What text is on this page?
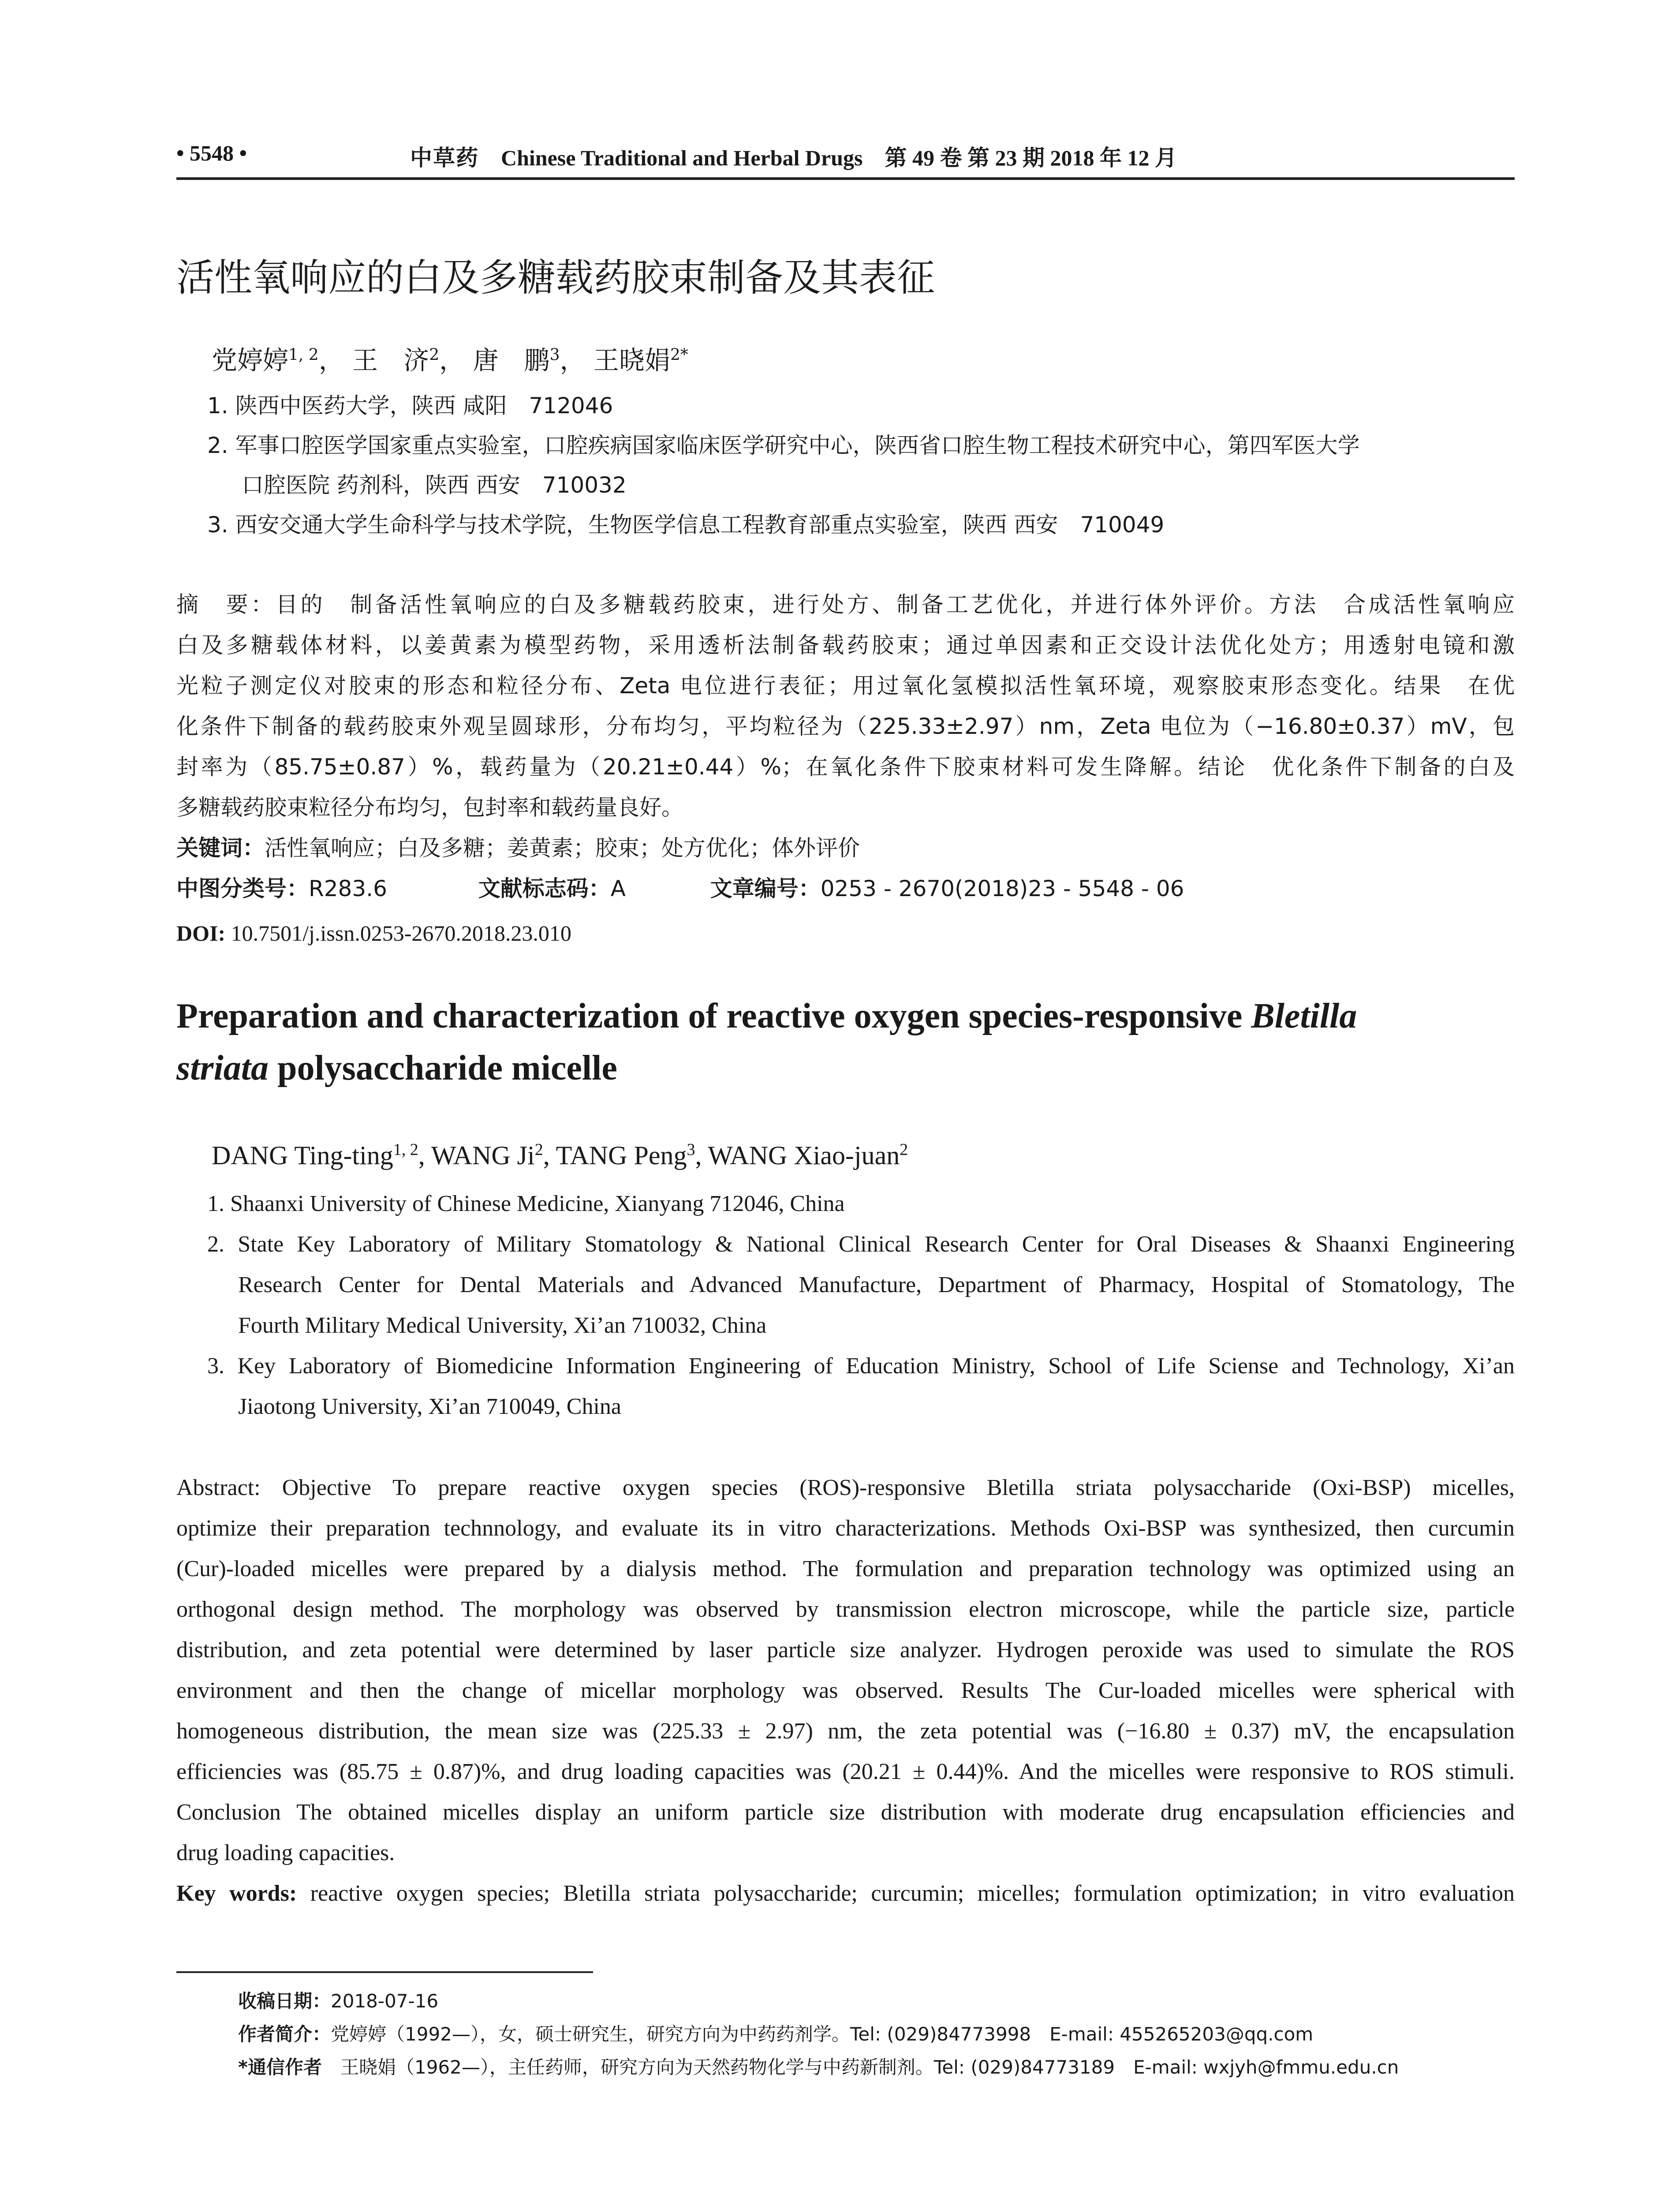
• 5548 •	中草药 Chinese Traditional and Herbal Drugs 第 49 卷 第 23 期 2018 年 12 月
活性氧响应的白及多糖载药胶束制备及其表征
党婷婷$^{1, 2}$， 王　济$^2$， 唐　鹏$^3$， 王晓娟$^{2*}$
1. 陕西中医药大学，陕西 咸阳　712046
2. 军事口腔医学国家重点实验室，口腔疾病国家临床医学研究中心，陕西省口腔生物工程技术研究中心，第四军医大学
口腔医院 药剂科，陕西 西安　710032
3. 西安交通大学生命科学与技术学院，生物医学信息工程教育部重点实验室，陕西 西安　710049
摘　要：目的　制备活性氧响应的白及多糖载药胶束，进行处方、制备工艺优化，并进行体外评价。方法　合成活性氧响应
白及多糖载体材料，以姜黄素为模型药物，采用透析法制备载药胶束；通过单因素和正交设计法优化处方；用透射电镜和激
光粒子测定仪对胶束的形态和粒径分布、Zeta 电位进行表征；用过氧化氢模拟活性氧环境，观察胶束形态变化。结果　在优
化条件下制备的载药胶束外观呈圆球形，分布均匀，平均粒径为（225.33±2.97）nm，Zeta 电位为（−16.80±0.37）mV，包
封率为（85.75±0.87）%，载药量为（20.21±0.44）%；在氧化条件下胶束材料可发生降解。结论　优化条件下制备的白及
多糖载药胶束粒径分布均匀，包封率和载药量良好。
关键词：活性氧响应；白及多糖；姜黄素；胶束；处方优化；体外评价
中图分类号：R283.6	文献标志码：A	文章编号：0253 - 2670(2018)23 - 5548 - 06
DOI: 10.7501/j.issn.0253-2670.2018.23.010
Preparation and characterization of reactive oxygen species-responsive Bletilla
striata polysaccharide micelle
DANG Ting-ting$^{1, 2}$, WANG Ji$^2$, TANG Peng$^3$, WANG Xiao-juan$^2$
1. Shaanxi University of Chinese Medicine, Xianyang 712046, China
2. State Key Laboratory of Military Stomatology & National Clinical Research Center for Oral Diseases & Shaanxi Engineering
Research Center for Dental Materials and Advanced Manufacture, Department of Pharmacy, Hospital of Stomatology, The
Fourth Military Medical University, Xi’an 710032, China
3. Key Laboratory of Biomedicine Information Engineering of Education Ministry, School of Life Sciense and Technology, Xi’an
Jiaotong University, Xi’an 710049, China
Abstract: Objective To prepare reactive oxygen species (ROS)-responsive Bletilla striata polysaccharide (Oxi-BSP) micelles,
optimize their preparation technnology, and evaluate its in vitro characterizations. Methods Oxi-BSP was synthesized, then curcumin
(Cur)-loaded micelles were prepared by a dialysis method. The formulation and preparation technology was optimized using an
orthogonal design method. The morphology was observed by transmission electron microscope, while the particle size, particle
distribution, and zeta potential were determined by laser particle size analyzer. Hydrogen peroxide was used to simulate the ROS
environment and then the change of micellar morphology was observed. Results The Cur-loaded micelles were spherical with
homogeneous distribution, the mean size was (225.33 ± 2.97) nm, the zeta potential was (−16.80 ± 0.37) mV, the encapsulation
efficiencies was (85.75 ± 0.87)%, and drug loading capacities was (20.21 ± 0.44)%. And the micelles were responsive to ROS stimuli.
Conclusion The obtained micelles display an uniform particle size distribution with moderate drug encapsulation efficiencies and
drug loading capacities.
Key words: reactive oxygen species; Bletilla striata polysaccharide; curcumin; micelles; formulation optimization; in vitro evaluation
收稿日期：2018-07-16
作者简介：党婷婷（1992—），女，硕士研究生，研究方向为中药药剂学。Tel: (029)84773998　E-mail: 455265203@qq.com
*通信作者　王晓娟（1962—），主任药师，研究方向为天然药物化学与中药新制剂。Tel: (029)84773189　E-mail: wxjyh@fmmu.edu.cn
